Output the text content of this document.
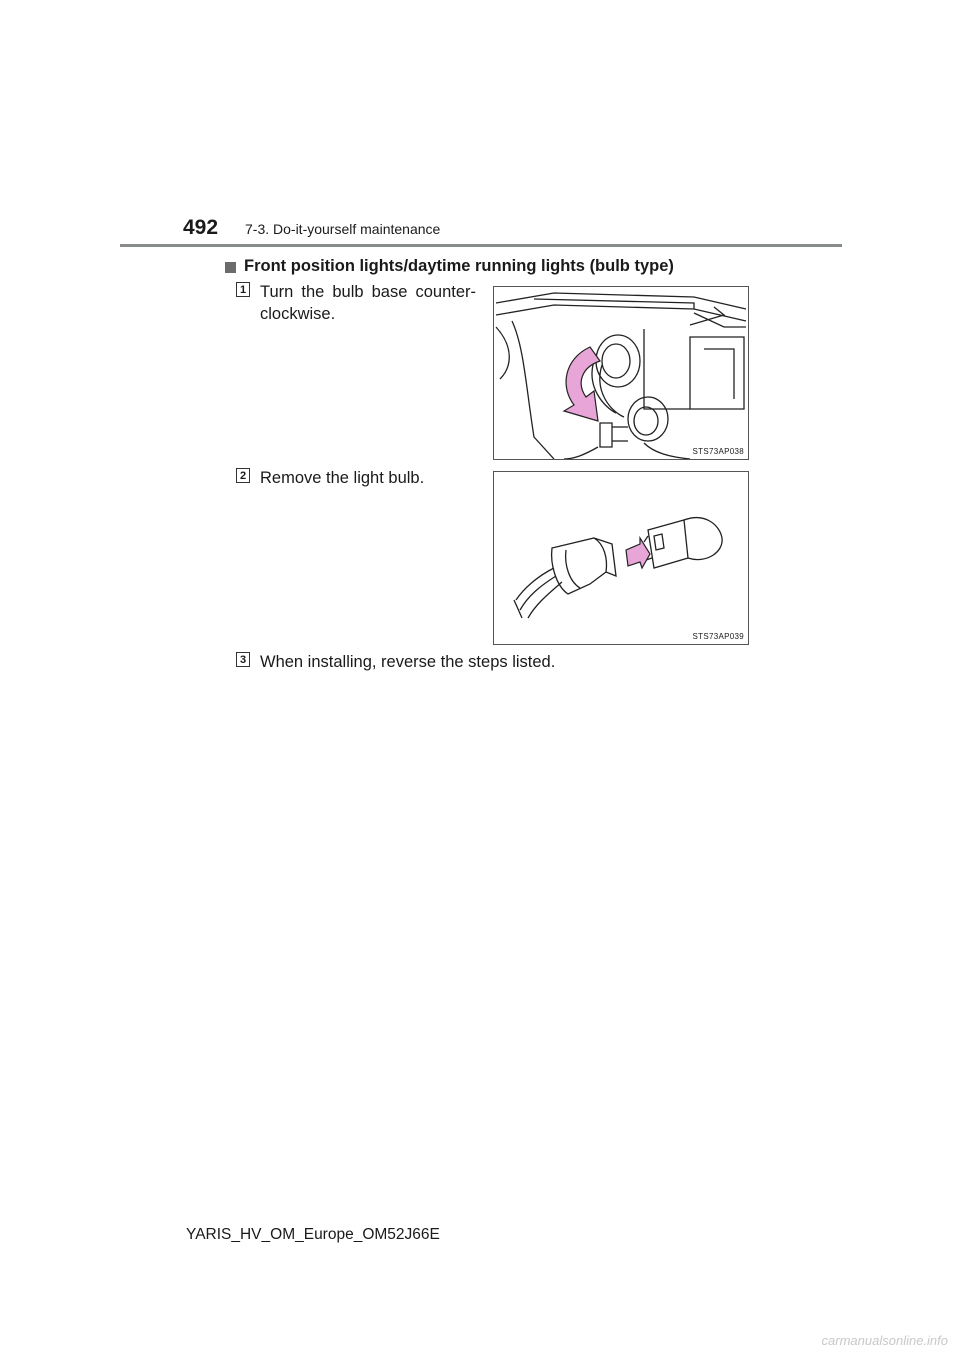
492 7-3. Do-it-yourself maintenance
Front position lights/daytime running lights (bulb type)
1 Turn the bulb base counter-clockwise.
STS73AP038
2 Remove the light bulb.
STS73AP039
3 When installing, reverse the steps listed.
YARIS_HV_OM_Europe_OM52J66E
carmanualsonline.info
